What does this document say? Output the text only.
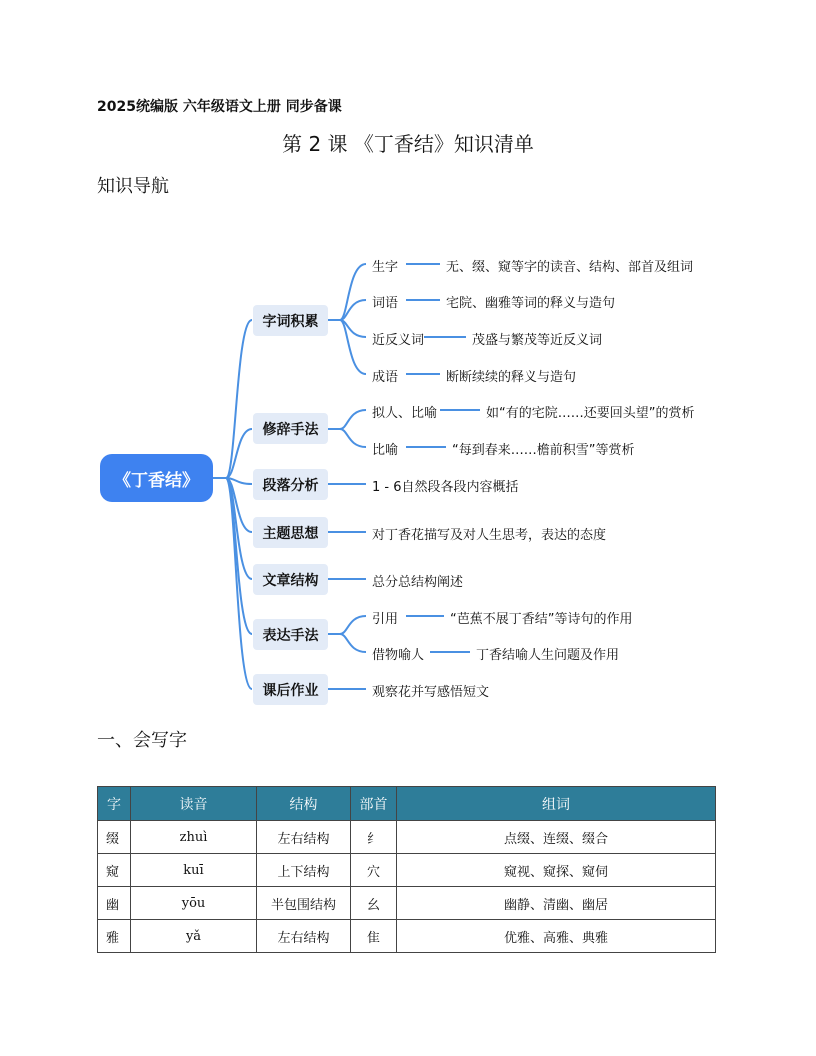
2025统编版 六年级语文上册 同步备课
第 2 课 《丁香结》知识清单
知识导航
《丁香结》
字词积累
修辞手法
段落分析
主题思想
文章结构
表达手法
课后作业
生字	无、缀、窥等字的读音、结构、部首及组词
词语	宅院、幽雅等词的释义与造句
近反义词	茂盛与繁茂等近反义词
成语	断断续续的释义与造句
拟人、比喻	如“有的宅院……还要回头望”的赏析
比喻	“每到春来……檐前积雪”等赏析
1 - 6自然段各段内容概括
对丁香花描写及对人生思考，表达的态度
总分总结构阐述
引用	“芭蕉不展丁香结”等诗句的作用
借物喻人	丁香结喻人生问题及作用
观察花并写感悟短文
一、会写字
字	读音	结构	部首	组词
缀	zhuì	左右结构	纟	点缀、连缀、缀合
窥	kuī	上下结构	穴	窥视、窥探、窥伺
幽	yōu	半包围结构	幺	幽静、清幽、幽居
雅	yǎ	左右结构	隹	优雅、高雅、典雅
